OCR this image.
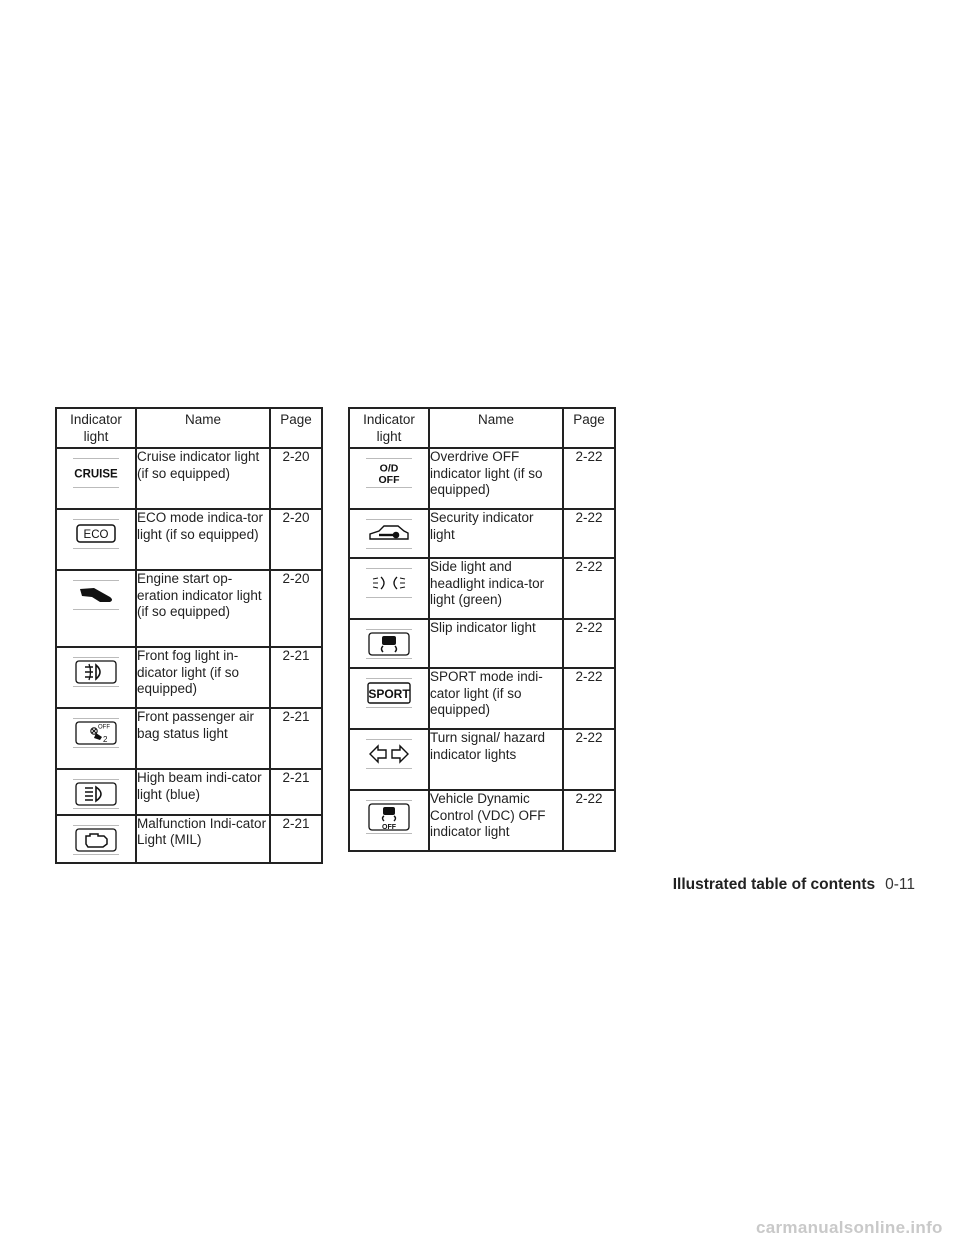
Indicator light	Name	Page

CRUISE	Cruise indicator light (if so equipped)	2-20

ECO	ECO mode indica-tor light (if so equipped)	2-20

	Engine start op-eration indicator light (if so equipped)	2-20

	Front fog light in-dicator light (if so equipped)	2-21

OFF
2	Front passenger air bag status light	2-21

	High beam indi-cator light (blue)	2-21

	Malfunction Indi-cator Light (MIL)	2-21
Indicator light	Name	Page

O/D
OFF	Overdrive OFF indicator light (if so equipped)	2-22

	Security indicator light	2-22

	Side light and headlight indica-tor light (green)	2-22

	Slip indicator light	2-22

SPORT	SPORT mode indi-cator light (if so equipped)	2-22

	Turn signal/ hazard indicator lights	2-22

OFF	Vehicle Dynamic Control (VDC) OFF indicator light	2-22
Illustrated table of contents 0-11
carmanualsonline.info
